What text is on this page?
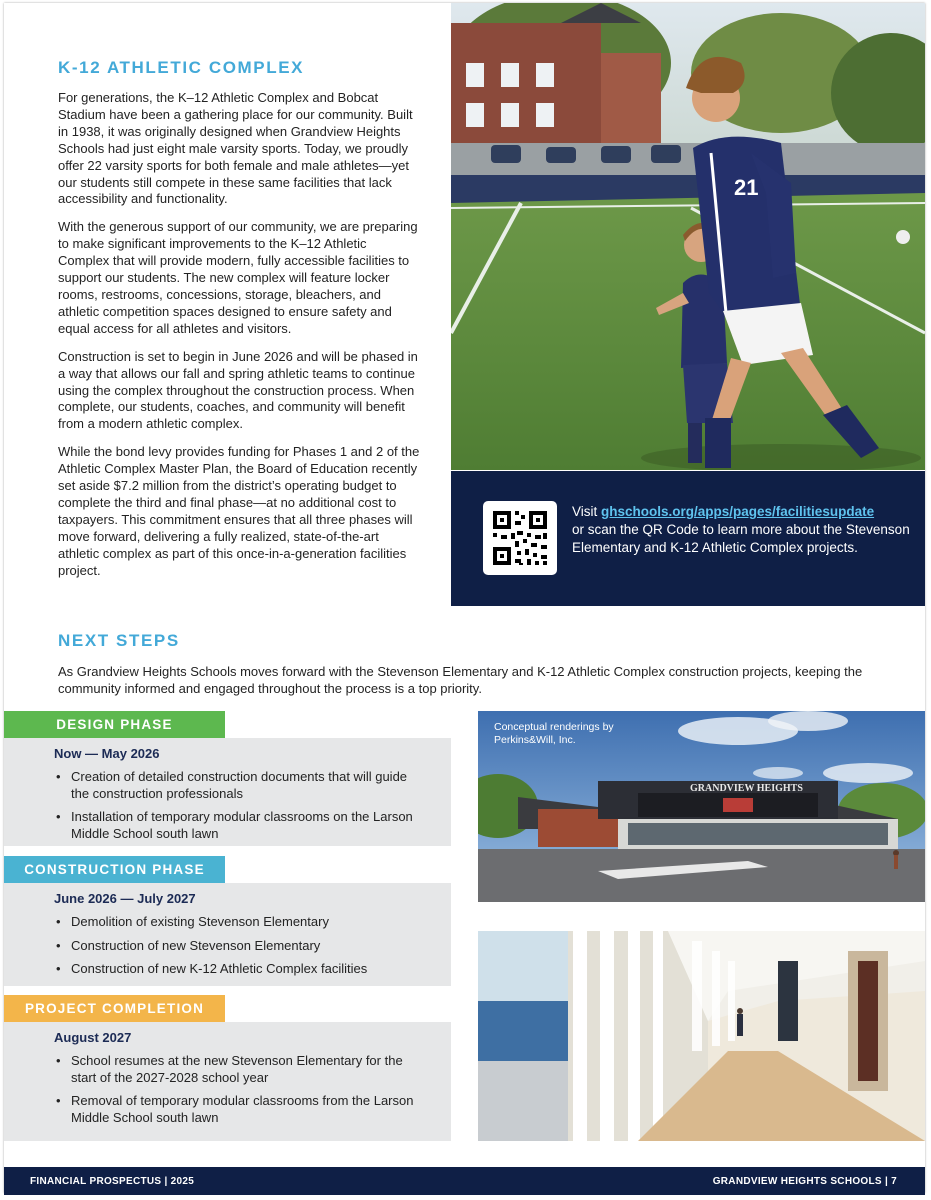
K-12 ATHLETIC COMPLEX

For generations, the K–12 Athletic Complex and Bobcat Stadium have been a gathering place for our community. Built in 1938, it was originally designed when Grandview Heights Schools had just eight male varsity sports. Today, we proudly offer 22 varsity sports for both female and male athletes—yet our students still compete in these same facilities that lack accessibility and functionality.

With the generous support of our community, we are preparing to make significant improvements to the K–12 Athletic Complex that will provide modern, fully accessible facilities to support our students. The new complex will feature locker rooms, restrooms, concessions, storage, bleachers, and athletic competition spaces designed to ensure safety and equal access for all athletes and visitors.

Construction is set to begin in June 2026 and will be phased in a way that allows our fall and spring athletic teams to continue using the complex throughout the construction process. When complete, our students, coaches, and community will benefit from a modern athletic complex.

While the bond levy provides funding for Phases 1 and 2 of the Athletic Complex Master Plan, the Board of Education recently set aside $7.2 million from the district’s operating budget to complete the third and final phase—at no additional cost to taxpayers. This commitment ensures that all three phases will move forward, delivering a fully realized, state-of-the-art athletic complex as part of this once-in-a-generation facilities project.

21
Visit ghschools.org/apps/pages/facilitiesupdate
or scan the QR Code to learn more about the Stevenson Elementary and K-12 Athletic Complex projects.
NEXT STEPS
As Grandview Heights Schools moves forward with the Stevenson Elementary and K-12 Athletic Complex construction projects, keeping the community informed and engaged throughout the process is a top priority.
DESIGN PHASE
Now — May 2026
• Creation of detailed construction documents that will guide the construction professionals
• Installation of temporary modular classrooms on the Larson Middle School south lawn
CONSTRUCTION PHASE
June 2026 — July 2027
• Demolition of existing Stevenson Elementary
• Construction of new Stevenson Elementary
• Construction of new K-12 Athletic Complex facilities
PROJECT COMPLETION
August 2027
• School resumes at the new Stevenson Elementary for the start of the 2027-2028 school year
• Removal of temporary modular classrooms from the Larson Middle School south lawn
GRANDVIEW HEIGHTS
Conceptual renderings by Perkins&Will, Inc.
FINANCIAL PROSPECTUS | 2025	GRANDVIEW HEIGHTS SCHOOLS | 7
